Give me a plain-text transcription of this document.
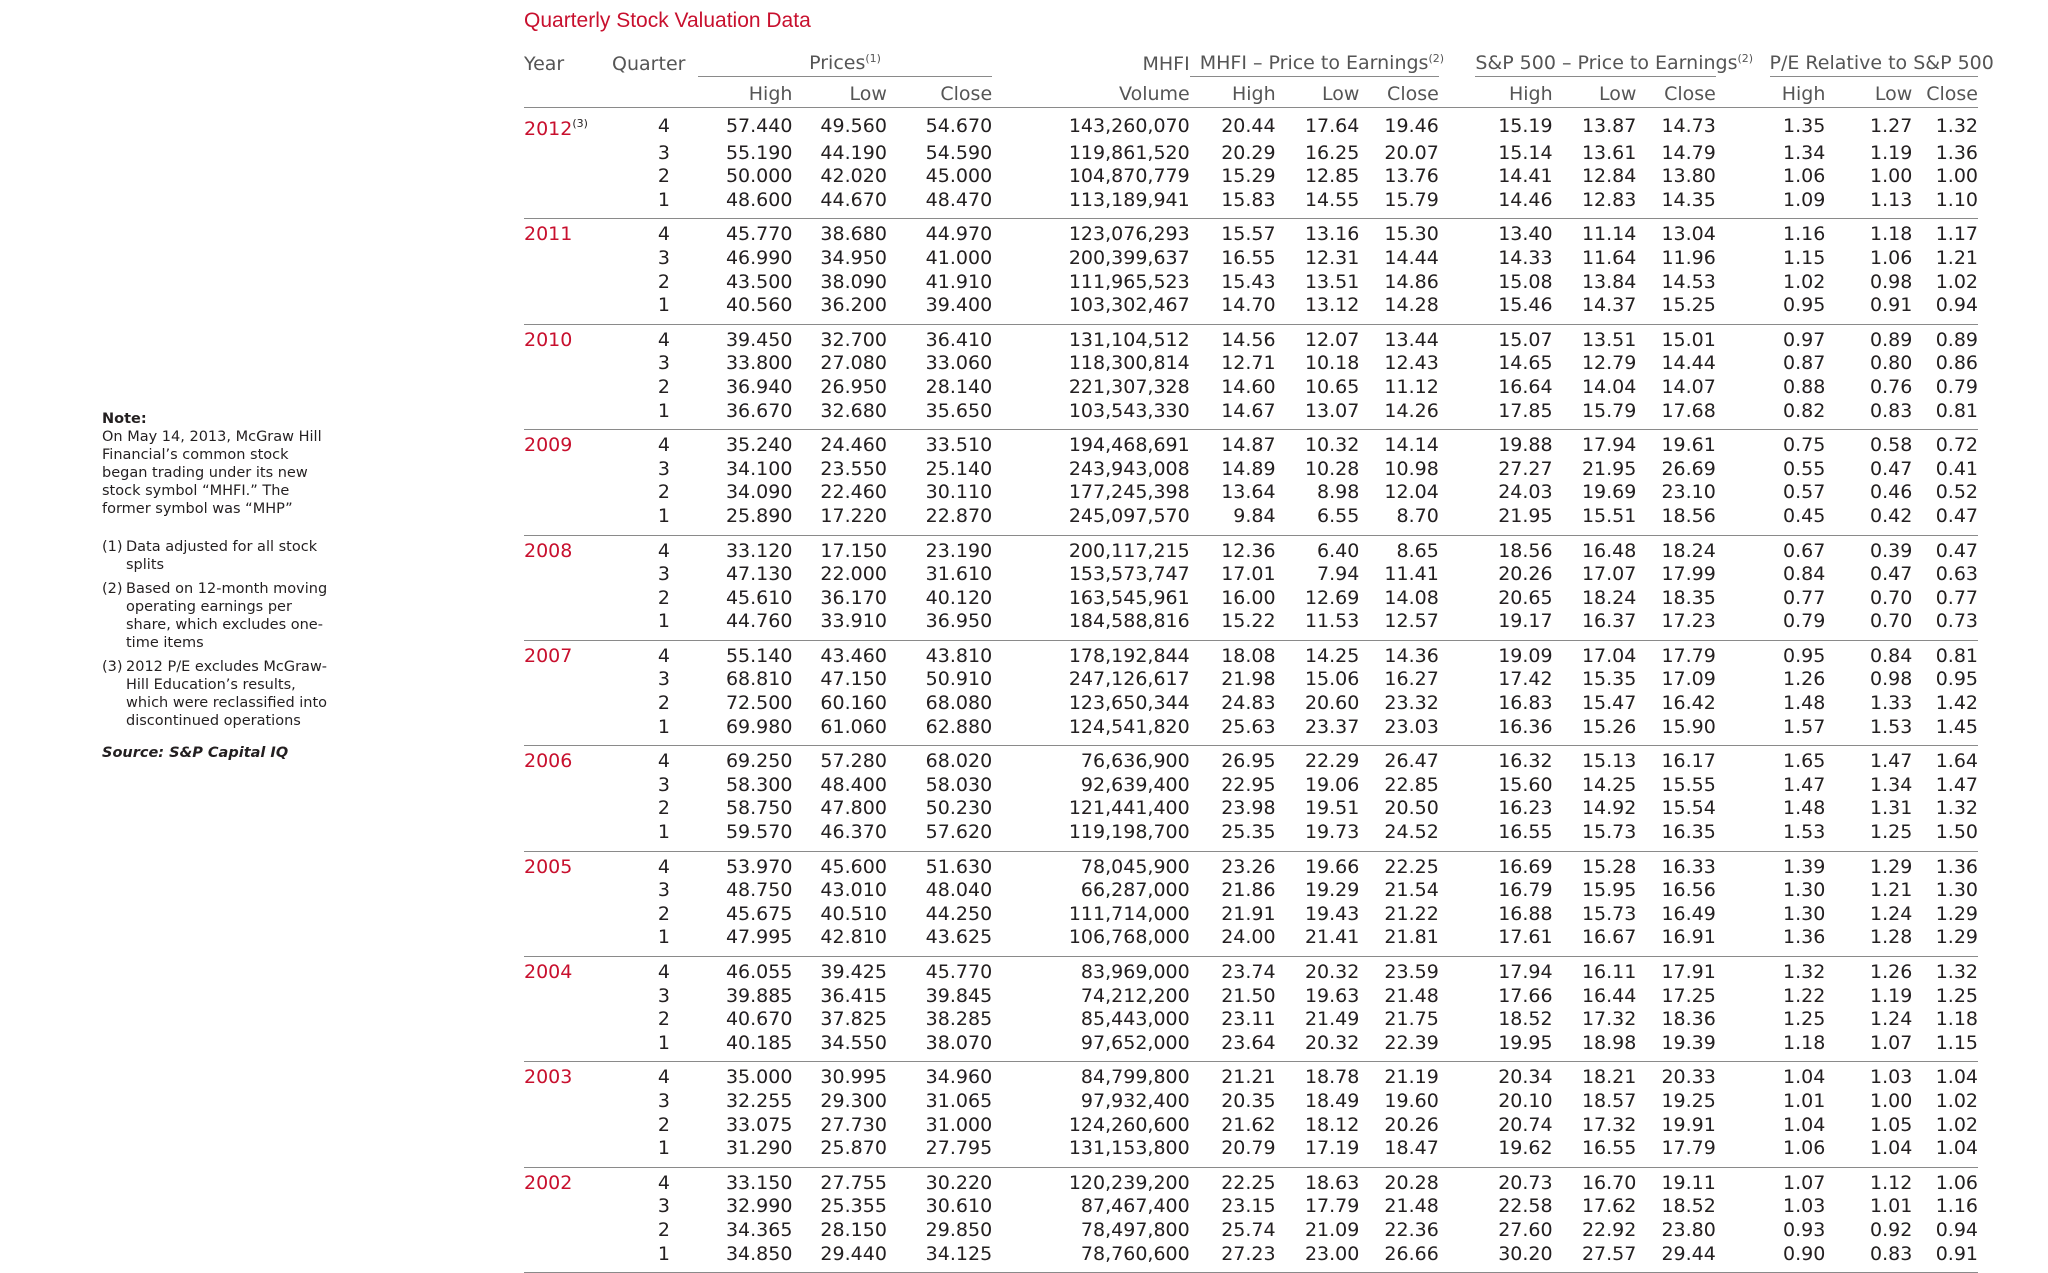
Note:

On May 14, 2013, McGraw Hill Financial’s common stock began trading under its new stock symbol “MHFI.” The former symbol was “MHP”

(1) Data adjusted for all stock splits
(2) Based on 12-month moving operating earnings per share, which excludes one-time items
(3) 2012 P/E excludes McGraw-Hill Education’s results, which were reclassified into discontinued operations

Source: S&P Capital IQ

Quarterly Stock Valuation Data
Year	Quarter	Prices$^{(1)}$			MHFI	MHFI – Price to Earnings$^{(2)}$				S&P 500 – Price to Earnings$^{(2)}$				P/E Relative to S&P 500		
		High	Low	Close	Volume	High	Low	Close		High	Low	Close		High	Low	Close
2012$^{(3)}$	4	57.440	49.560	54.670	143,260,070	20.44	17.64	19.46		15.19	13.87	14.73		1.35	1.27	1.32
	3	55.190	44.190	54.590	119,861,520	20.29	16.25	20.07		15.14	13.61	14.79		1.34	1.19	1.36
	2	50.000	42.020	45.000	104,870,779	15.29	12.85	13.76		14.41	12.84	13.80		1.06	1.00	1.00
	1	48.600	44.670	48.470	113,189,941	15.83	14.55	15.79		14.46	12.83	14.35		1.09	1.13	1.10
2011	4	45.770	38.680	44.970	123,076,293	15.57	13.16	15.30		13.40	11.14	13.04		1.16	1.18	1.17
	3	46.990	34.950	41.000	200,399,637	16.55	12.31	14.44		14.33	11.64	11.96		1.15	1.06	1.21
	2	43.500	38.090	41.910	111,965,523	15.43	13.51	14.86		15.08	13.84	14.53		1.02	0.98	1.02
	1	40.560	36.200	39.400	103,302,467	14.70	13.12	14.28		15.46	14.37	15.25		0.95	0.91	0.94
2010	4	39.450	32.700	36.410	131,104,512	14.56	12.07	13.44		15.07	13.51	15.01		0.97	0.89	0.89
	3	33.800	27.080	33.060	118,300,814	12.71	10.18	12.43		14.65	12.79	14.44		0.87	0.80	0.86
	2	36.940	26.950	28.140	221,307,328	14.60	10.65	11.12		16.64	14.04	14.07		0.88	0.76	0.79
	1	36.670	32.680	35.650	103,543,330	14.67	13.07	14.26		17.85	15.79	17.68		0.82	0.83	0.81
2009	4	35.240	24.460	33.510	194,468,691	14.87	10.32	14.14		19.88	17.94	19.61		0.75	0.58	0.72
	3	34.100	23.550	25.140	243,943,008	14.89	10.28	10.98		27.27	21.95	26.69		0.55	0.47	0.41
	2	34.090	22.460	30.110	177,245,398	13.64	8.98	12.04		24.03	19.69	23.10		0.57	0.46	0.52
	1	25.890	17.220	22.870	245,097,570	9.84	6.55	8.70		21.95	15.51	18.56		0.45	0.42	0.47
2008	4	33.120	17.150	23.190	200,117,215	12.36	6.40	8.65		18.56	16.48	18.24		0.67	0.39	0.47
	3	47.130	22.000	31.610	153,573,747	17.01	7.94	11.41		20.26	17.07	17.99		0.84	0.47	0.63
	2	45.610	36.170	40.120	163,545,961	16.00	12.69	14.08		20.65	18.24	18.35		0.77	0.70	0.77
	1	44.760	33.910	36.950	184,588,816	15.22	11.53	12.57		19.17	16.37	17.23		0.79	0.70	0.73
2007	4	55.140	43.460	43.810	178,192,844	18.08	14.25	14.36		19.09	17.04	17.79		0.95	0.84	0.81
	3	68.810	47.150	50.910	247,126,617	21.98	15.06	16.27		17.42	15.35	17.09		1.26	0.98	0.95
	2	72.500	60.160	68.080	123,650,344	24.83	20.60	23.32		16.83	15.47	16.42		1.48	1.33	1.42
	1	69.980	61.060	62.880	124,541,820	25.63	23.37	23.03		16.36	15.26	15.90		1.57	1.53	1.45
2006	4	69.250	57.280	68.020	76,636,900	26.95	22.29	26.47		16.32	15.13	16.17		1.65	1.47	1.64
	3	58.300	48.400	58.030	92,639,400	22.95	19.06	22.85		15.60	14.25	15.55		1.47	1.34	1.47
	2	58.750	47.800	50.230	121,441,400	23.98	19.51	20.50		16.23	14.92	15.54		1.48	1.31	1.32
	1	59.570	46.370	57.620	119,198,700	25.35	19.73	24.52		16.55	15.73	16.35		1.53	1.25	1.50
2005	4	53.970	45.600	51.630	78,045,900	23.26	19.66	22.25		16.69	15.28	16.33		1.39	1.29	1.36
	3	48.750	43.010	48.040	66,287,000	21.86	19.29	21.54		16.79	15.95	16.56		1.30	1.21	1.30
	2	45.675	40.510	44.250	111,714,000	21.91	19.43	21.22		16.88	15.73	16.49		1.30	1.24	1.29
	1	47.995	42.810	43.625	106,768,000	24.00	21.41	21.81		17.61	16.67	16.91		1.36	1.28	1.29
2004	4	46.055	39.425	45.770	83,969,000	23.74	20.32	23.59		17.94	16.11	17.91		1.32	1.26	1.32
	3	39.885	36.415	39.845	74,212,200	21.50	19.63	21.48		17.66	16.44	17.25		1.22	1.19	1.25
	2	40.670	37.825	38.285	85,443,000	23.11	21.49	21.75		18.52	17.32	18.36		1.25	1.24	1.18
	1	40.185	34.550	38.070	97,652,000	23.64	20.32	22.39		19.95	18.98	19.39		1.18	1.07	1.15
2003	4	35.000	30.995	34.960	84,799,800	21.21	18.78	21.19		20.34	18.21	20.33		1.04	1.03	1.04
	3	32.255	29.300	31.065	97,932,400	20.35	18.49	19.60		20.10	18.57	19.25		1.01	1.00	1.02
	2	33.075	27.730	31.000	124,260,600	21.62	18.12	20.26		20.74	17.32	19.91		1.04	1.05	1.02
	1	31.290	25.870	27.795	131,153,800	20.79	17.19	18.47		19.62	16.55	17.79		1.06	1.04	1.04
2002	4	33.150	27.755	30.220	120,239,200	22.25	18.63	20.28		20.73	16.70	19.11		1.07	1.12	1.06
	3	32.990	25.355	30.610	87,467,400	23.15	17.79	21.48		22.58	17.62	18.52		1.03	1.01	1.16
	2	34.365	28.150	29.850	78,497,800	25.74	21.09	22.36		27.60	22.92	23.80		0.93	0.92	0.94
	1	34.850	29.440	34.125	78,760,600	27.23	23.00	26.66		30.20	27.57	29.44		0.90	0.83	0.91
